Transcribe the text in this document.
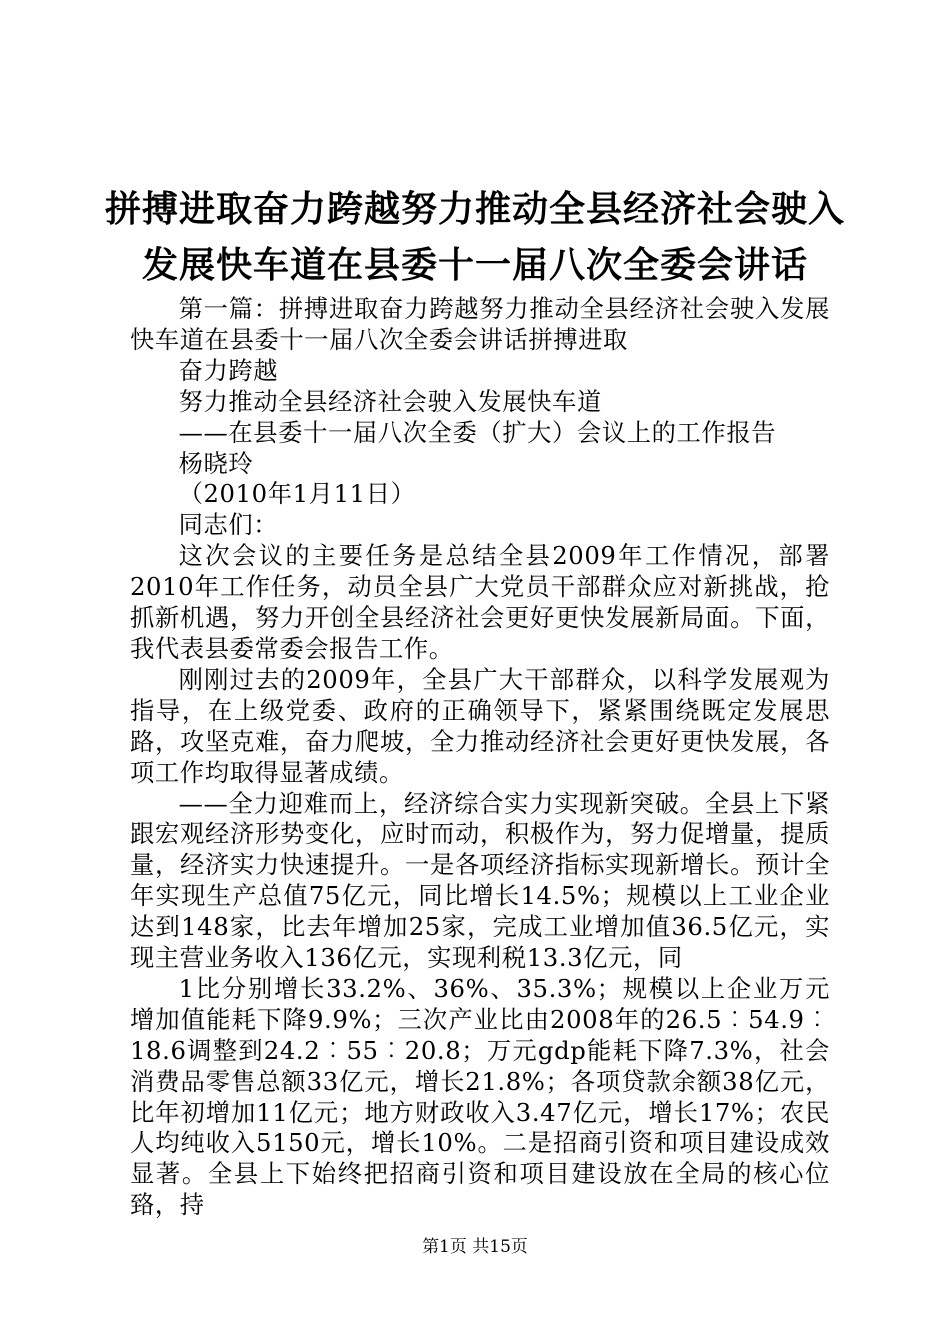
拼搏进取奋力跨越努力推动全县经济社会驶入
发展快车道在县委十一届八次全委会讲话

第一篇：拼搏进取奋力跨越努力推动全县经济社会驶入发展快车道在县委十一届八次全委会讲话拼搏进取

奋力跨越

努力推动全县经济社会驶入发展快车道

——在县委十一届八次全委（扩大）会议上的工作报告

杨晓玲

（2010年1月11日）

同志们：

这次会议的主要任务是总结全县2009年工作情况，部署2010年工作任务，动员全县广大党员干部群众应对新挑战，抢抓新机遇，努力开创全县经济社会更好更快发展新局面。下面，我代表县委常委会报告工作。

刚刚过去的2009年，全县广大干部群众，以科学发展观为指导，在上级党委、政府的正确领导下，紧紧围绕既定发展思路，攻坚克难，奋力爬坡，全力推动经济社会更好更快发展，各项工作均取得显著成绩。

——全力迎难而上，经济综合实力实现新突破。全县上下紧跟宏观经济形势变化，应时而动，积极作为，努力促增量，提质量，经济实力快速提升。一是各项经济指标实现新增长。预计全年实现生产总值75亿元，同比增长14.5%；规模以上工业企业达到148家，比去年增加25家，完成工业增加值36.5亿元，实现主营业务收入136亿元，实现利税13.3亿元，同

1比分别增长33.2%、36%、35.3%；规模以上企业万元增加值能耗下降9.9%；三次产业比由2008年的26.5︰54.9︰18.6调整到24.2︰55︰20.8；万元gdp能耗下降7.3%，社会消费品零售总额33亿元，增长21.8%；各项贷款余额38亿元，比年初增加11亿元；地方财政收入3.47亿元，增长17%；农民人均纯收入5150元，增长10%。二是招商引资和项目建设成效显著。全县上下始终把招商引资和项目建设放在全局的核心位臵，持

第1页 共15页
